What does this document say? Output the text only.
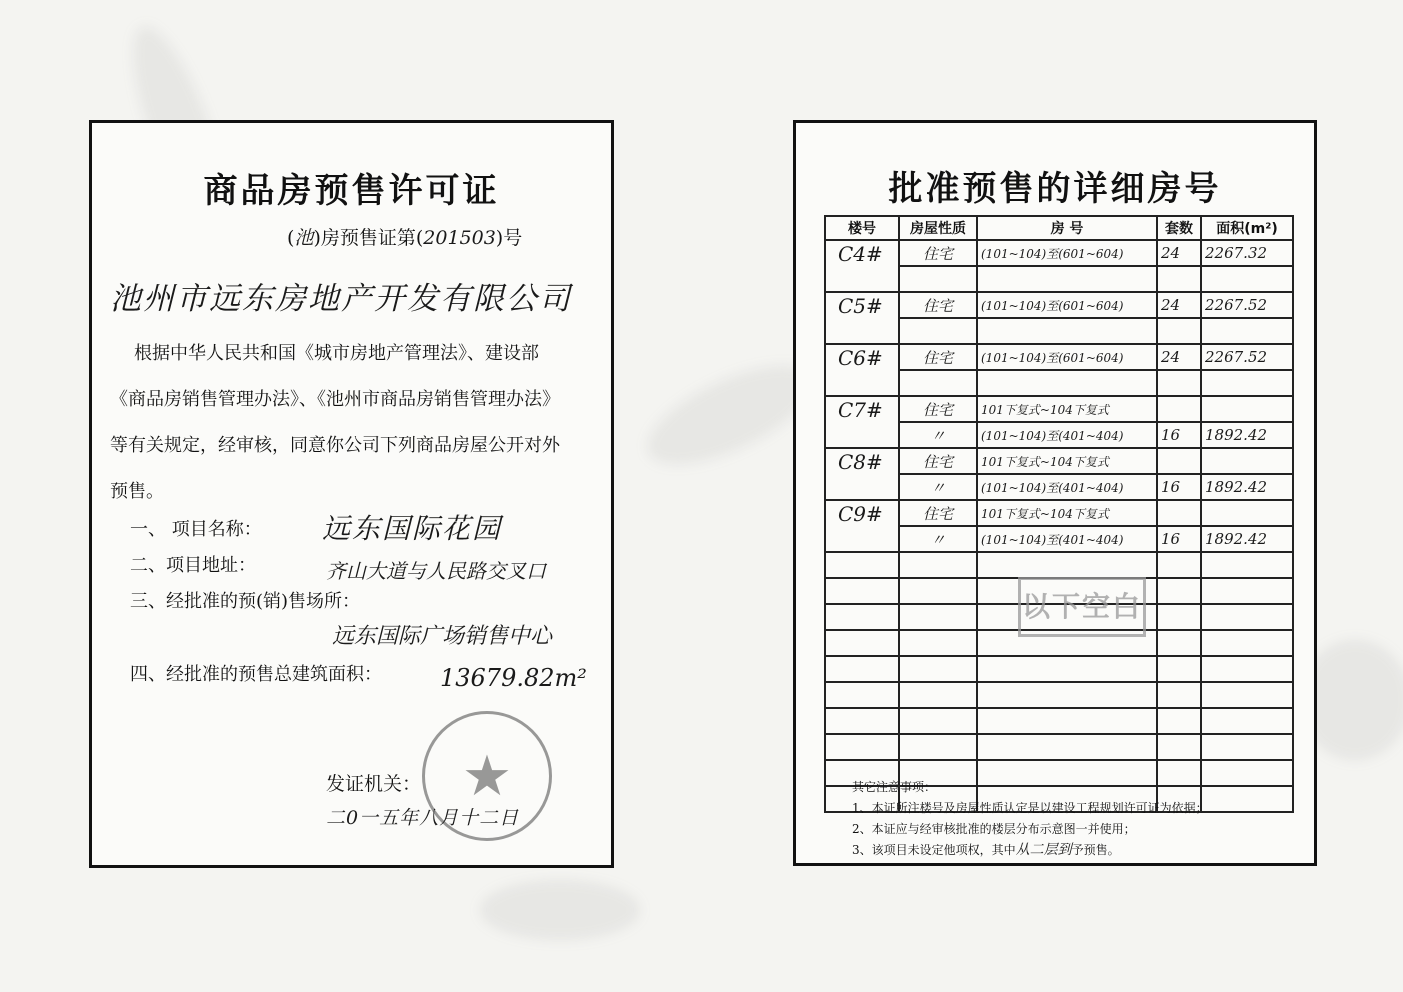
商品房预售许可证
(池)房预售证第(201503)号
池州市远东房地产开发有限公司
根据中华人民共和国《城市房地产管理法》、建设部
《商品房销售管理办法》、《池州市商品房销售管理办法》
等有关规定，经审核，同意你公司下列商品房屋公开对外
预售。
一、 项目名称： 远东国际花园
二、项目地址：	齐山大道与人民路交叉口
三、经批准的预(销)售场所：
远东国际广场销售中心
四、经批准的预售总建筑面积： 13679.82m²
★
发证机关：
二0一五年八月十二日
批准预售的详细房号
楼号	房屋性质	房 号	套数	面积(m²)
C4#	住宅	(101~104)至(601~604)	24	2267.32

C5#	住宅	(101~104)至(601~604)	24	2267.52

C6#	住宅	(101~104)至(601~604)	24	2267.52

C7#	住宅	101下复式~104下复式		
	〃	(101~104)至(401~404)	16	1892.42
C8#	住宅	101下复式~104下复式		
	〃	(101~104)至(401~404)	16	1892.42
C9#	住宅	101下复式~104下复式		
	〃	(101~104)至(401~404)	16	1892.42

以下空白
其它注意事项：
1、本证所注楼号及房屋性质认定是以建设工程规划许可证为依据；
2、本证应与经审核批准的楼层分布示意图一并使用；
3、该项目未设定他项权，其中从二层到予预售。
